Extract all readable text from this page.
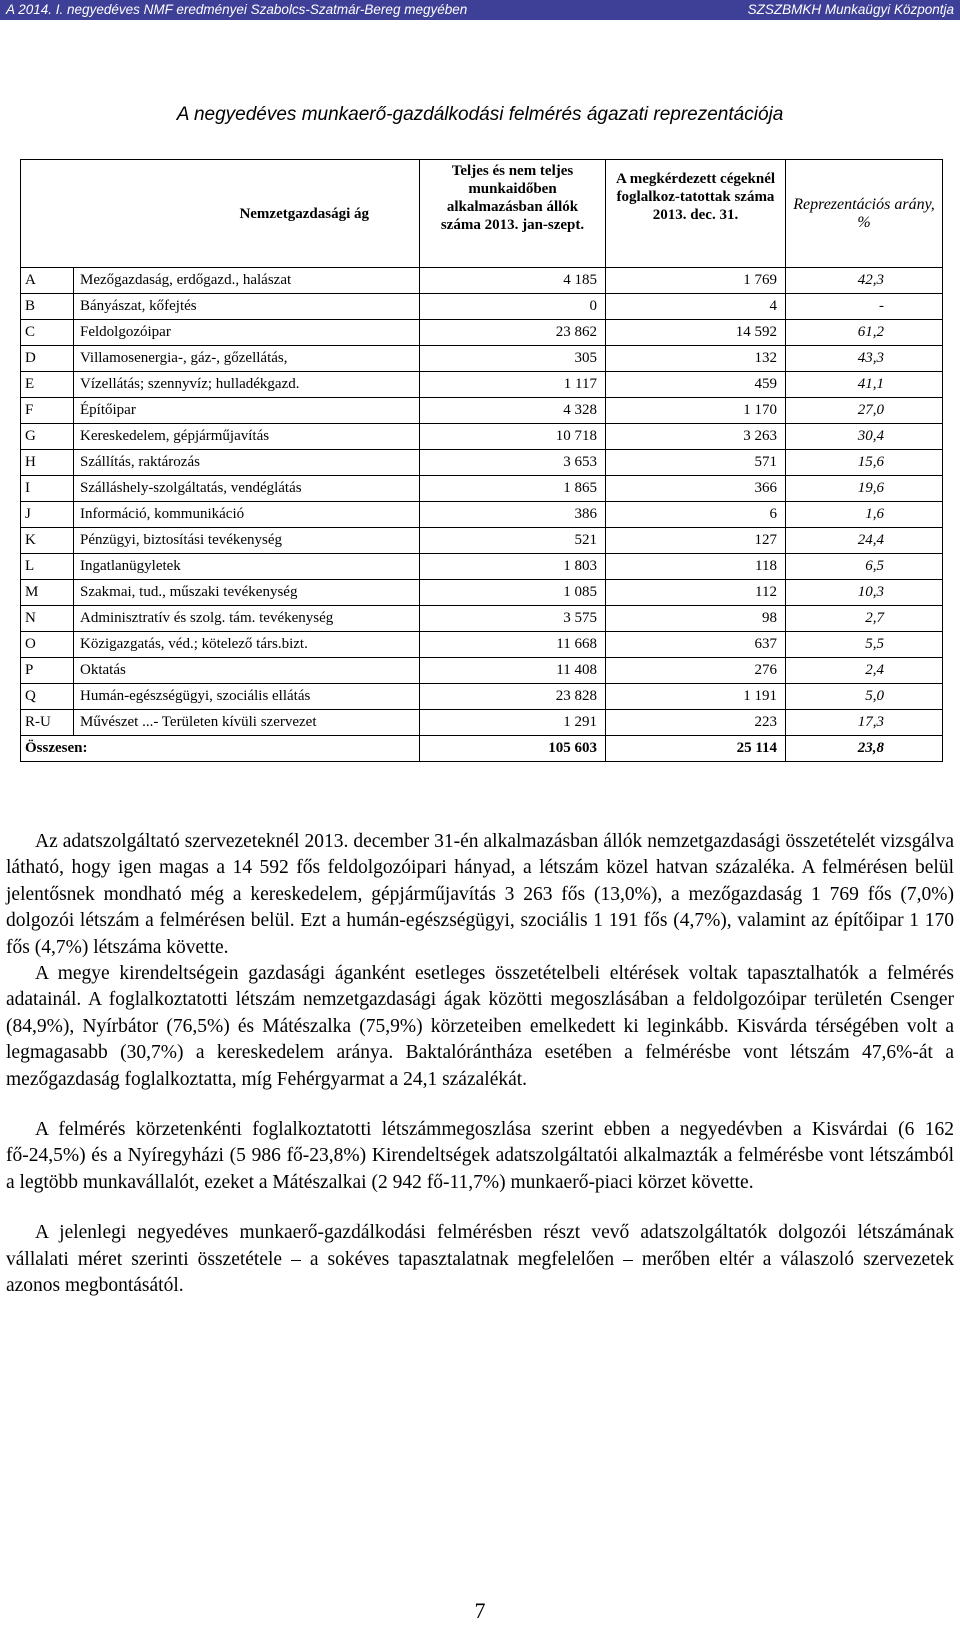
A 2014. I. negyedéves NMF eredményei Szabolcs-Szatmár-Bereg megyében	SZSZBMKH Munkaügyi Központja
A negyedéves munkaerő-gazdálkodási felmérés ágazati reprezentációja
Nemzetgazdasági ág		Teljes és nem teljes munkaidőben alkalmazásban állók száma 2013. jan-szept.	A megkérdezett cégeknél foglalkoz-tatottak száma 2013. dec. 31.	Reprezentációs arány, %
A	Mezőgazdaság, erdőgazd., halászat	4 185	1 769	42,3
B	Bányászat, kőfejtés	0	4	-
C	Feldolgozóipar	23 862	14 592	61,2
D	Villamosenergia-, gáz-, gőzellátás,	305	132	43,3
E	Vízellátás; szennyvíz; hulladékgazd.	1 117	459	41,1
F	Építőipar	4 328	1 170	27,0
G	Kereskedelem, gépjárműjavítás	10 718	3 263	30,4
H	Szállítás, raktározás	3 653	571	15,6
I	Szálláshely-szolgáltatás, vendéglátás	1 865	366	19,6
J	Információ, kommunikáció	386	6	1,6
K	Pénzügyi, biztosítási tevékenység	521	127	24,4
L	Ingatlanügyletek	1 803	118	6,5
M	Szakmai, tud., műszaki tevékenység	1 085	112	10,3
N	Adminisztratív és szolg. tám. tevékenység	3 575	98	2,7
O	Közigazgatás, véd.; kötelező társ.bizt.	11 668	637	5,5
P	Oktatás	11 408	276	2,4
Q	Humán-egészségügyi, szociális ellátás	23 828	1 191	5,0
R-U	Művészet ...- Területen kívüli szervezet	1 291	223	17,3
Összesen:		105 603	25 114	23,8

Az adatszolgáltató szervezeteknél 2013. december 31-én alkalmazásban állók nemzetgazdasági összetételét vizsgálva látható, hogy igen magas a 14 592 fős feldolgozóipari hányad, a létszám közel hatvan százaléka. A felmérésen belül jelentősnek mondható még a kereskedelem, gépjárműjavítás 3 263 fős (13,0%), a mezőgazdaság 1 769 fős (7,0%) dolgozói létszám a felmérésen belül. Ezt a humán-egészségügyi, szociális 1 191 fős (4,7%), valamint az építőipar 1 170 fős (4,7%) létszáma követte.

A megye kirendeltségein gazdasági áganként esetleges összetételbeli eltérések voltak tapasztalhatók a felmérés adatainál. A foglalkoztatotti létszám nemzetgazdasági ágak közötti megoszlásában a feldolgozóipar területén Csenger (84,9%), Nyírbátor (76,5%) és Mátészalka (75,9%) körzeteiben emelkedett ki leginkább. Kisvárda térségében volt a legmagasabb (30,7%) a kereskedelem aránya. Baktalórántháza esetében a felmérésbe vont létszám 47,6%-át a mezőgazdaság foglalkoztatta, míg Fehérgyarmat a 24,1 százalékát.

A felmérés körzetenkénti foglalkoztatotti létszámmegoszlása szerint ebben a negyedévben a Kisvárdai (6 162 fő-24,5%) és a Nyíregyházi (5 986 fő-23,8%) Kirendeltségek adatszolgáltatói alkalmazták a felmérésbe vont létszámból a legtöbb munkavállalót, ezeket a Mátészalkai (2 942 fő-11,7%) munkaerő-piaci körzet követte.

A jelenlegi negyedéves munkaerő-gazdálkodási felmérésben részt vevő adatszolgáltatók dolgozói létszámának vállalati méret szerinti összetétele – a sokéves tapasztalatnak megfelelően – merőben eltér a válaszoló szervezetek azonos megbontásától.

7
